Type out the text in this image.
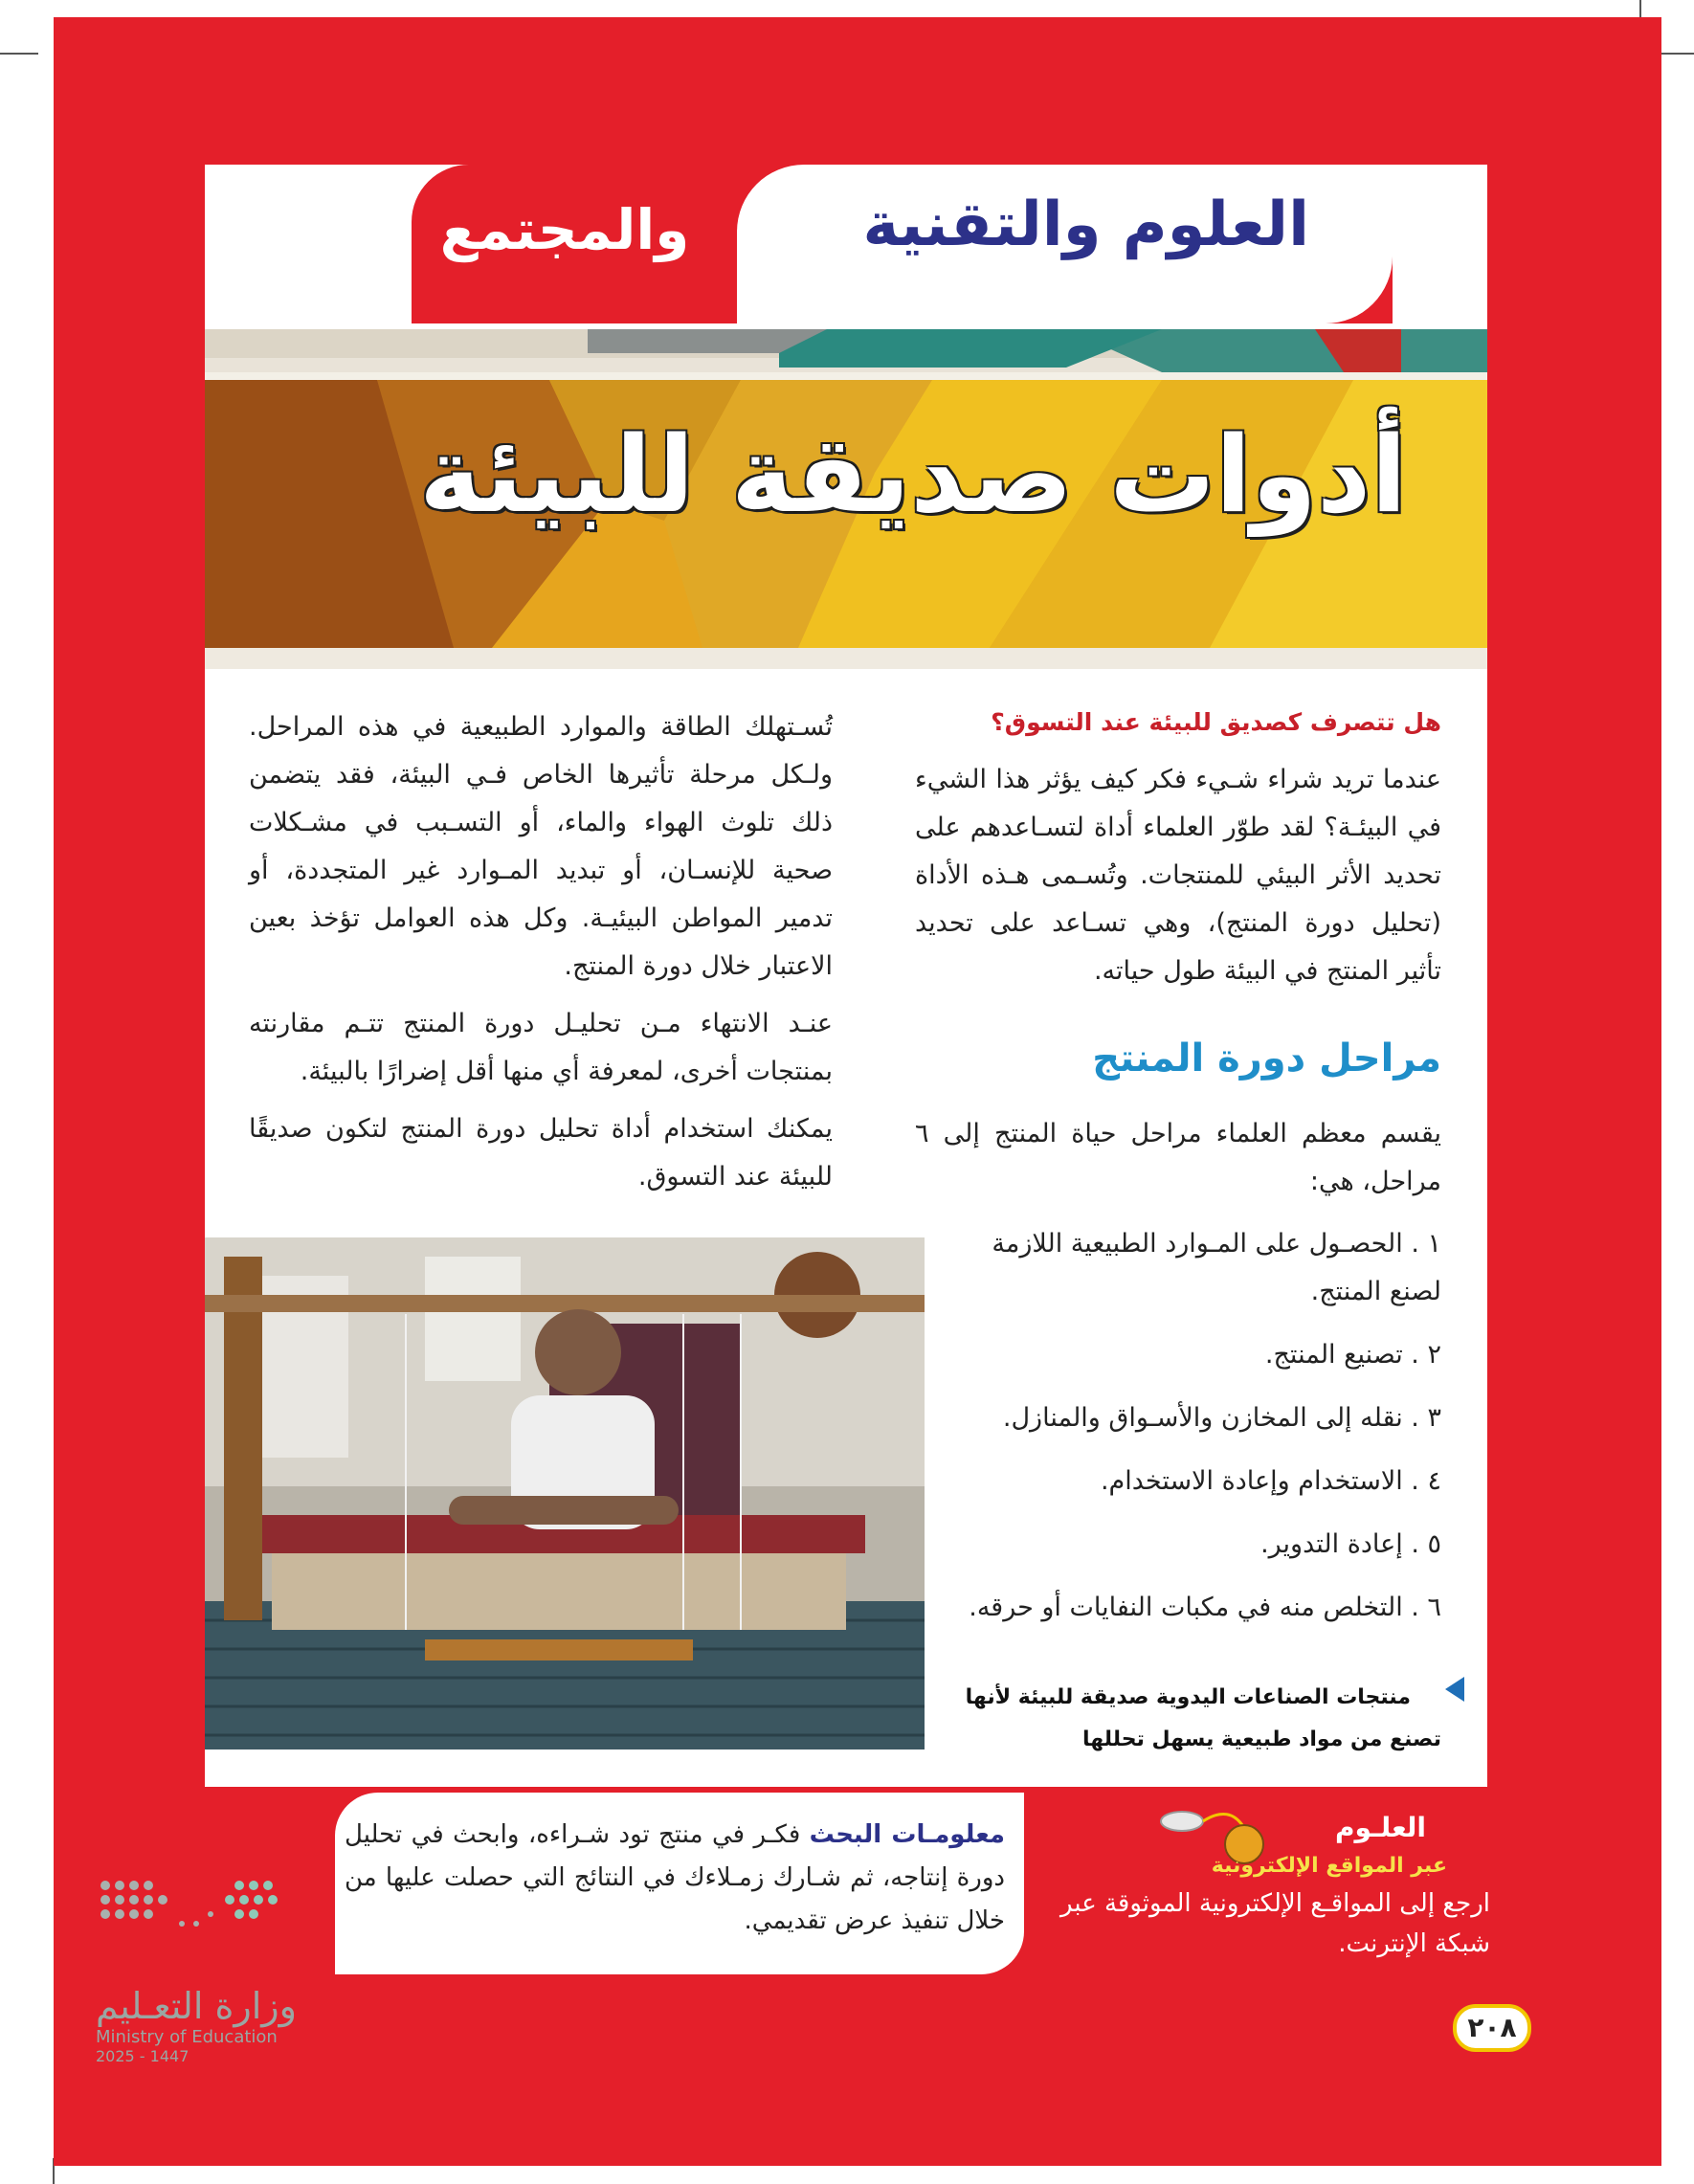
العلوم والتقنية
والمجتمع
أدوات صديقة للبيئة
هل تتصرف كصديق للبيئة عند التسوق؟

عندما تريد شراء شـيء فكر كيف يؤثر هذا الشيء في البيئـة؟ لقد طوّر العلماء أداة لتسـاعدهم على تحديد الأثر البيئي للمنتجات. وتُسـمى هـذه الأداة (تحليل دورة المنتج)، وهي تسـاعد على تحديد تأثير المنتج في البيئة طول حياته.

مراحل دورة المنتج

يقسم معظم العلماء مراحل حياة المنتج إلى ٦ مراحل، هي:

١ . الحصـول على المـوارد الطبيعية اللازمة لصنع المنتج.
٢ . تصنيع المنتج.
٣ . نقله إلى المخازن والأسـواق والمنازل.
٤ . الاستخدام وإعادة الاستخدام.
٥ . إعادة التدوير.
٦ . التخلص منه في مكبات النفايات أو حرقه.
منتجات الصناعات اليدوية صديقة للبيئة لأنها
تصنع من مواد طبيعية يسهل تحللها

تُسـتهلك الطاقة والموارد الطبيعية في هذه المراحل. ولـكل مرحلة تأثيرها الخاص فـي البيئة، فقد يتضمن ذلك تلوث الهواء والماء، أو التسـبب في مشـكلات صحية للإنسـان، أو تبديد المـوارد غير المتجددة، أو تدمير المواطن البيئيـة. وكل هذه العوامل تؤخذ بعين الاعتبار خلال دورة المنتج.

عنـد الانتهاء مـن تحليـل دورة المنتج تتـم مقارنته بمنتجات أخرى، لمعرفة أي منها أقل إضرارًا بالبيئة.

يمكنك استخدام أداة تحليل دورة المنتج لتكون صديقًا للبيئة عند التسوق.

معلومـات البحث فكـر في منتج تود شـراءه، وابحث في تحليل دورة إنتاجه، ثم شـارك زمـلاءك في النتائج التي حصلت عليها من خلال تنفيذ عرض تقديمي.
العلـوم
عبر المواقع الإلكترونية
ارجع إلى المواقـع الإلكترونية الموثوقة عبر شبكة الإنترنت.
٢٠٨
وزارة التعـليم
Ministry of Education
2025 - 1447
